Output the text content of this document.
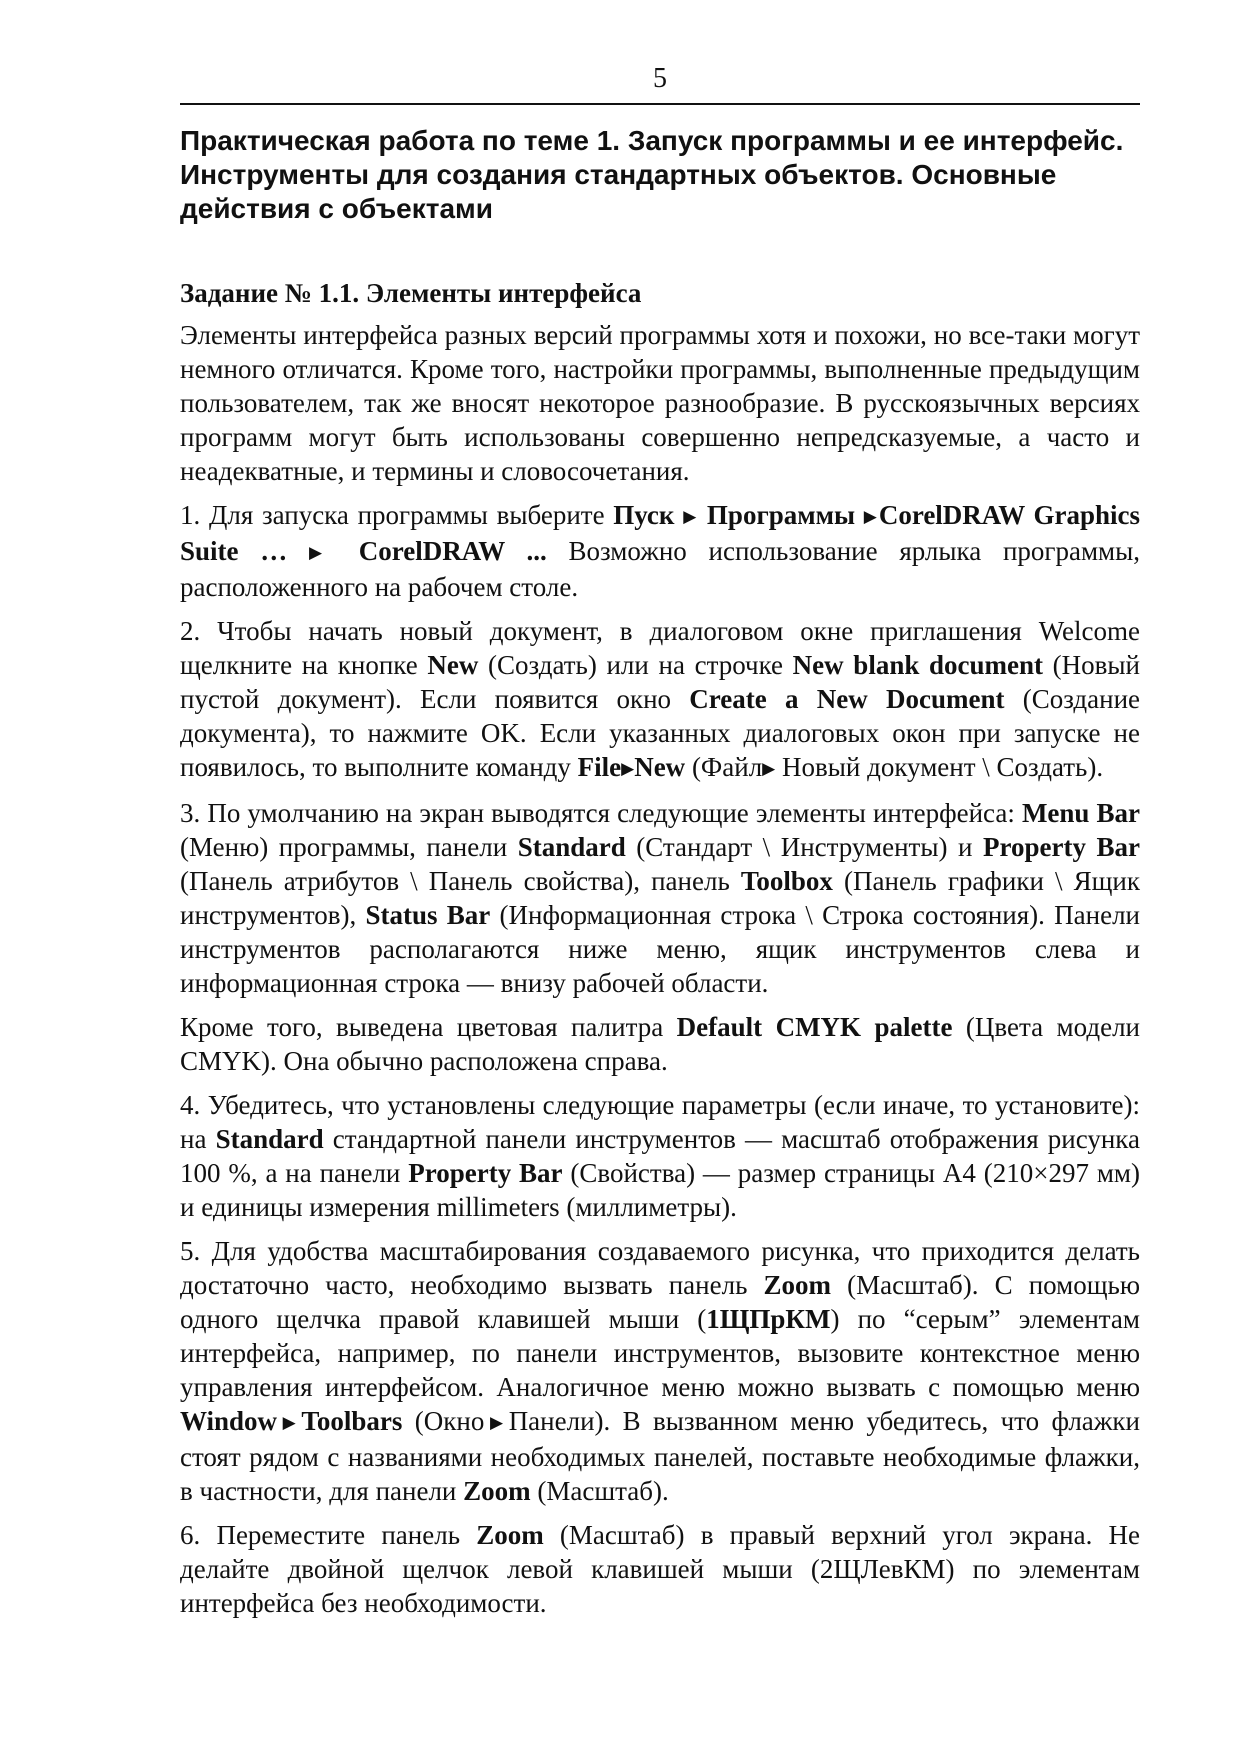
5
Практическая работа по теме 1. Запуск программы и ее интерфейс. Инструменты для создания стандартных объектов. Основные действия с объектами
Задание № 1.1. Элементы интерфейса

Элементы интерфейса разных версий программы хотя и похожи, но все-таки могут немного отличатся. Кроме того, настройки программы, выполненные предыдущим пользователем, так же вносят некоторое разнообразие. В русскоязычных версиях программ могут быть использованы совершенно непредсказуемые, а часто и неадекватные, и термины и словосочетания.

1. Для запуска программы выберите Пуск ▶ Программы ▶CorelDRAW Graphics Suite … ▶ CorelDRAW ... Возможно использование ярлыка программы, расположенного на рабочем столе.

2. Чтобы начать новый документ, в диалоговом окне приглашения Welcome щелкните на кнопке New (Создать) или на строчке New blank document (Новый пустой документ). Если появится окно Create a New Document (Создание документа), то нажмите OK. Если указанных диалоговых окон при запуске не появилось, то выполните команду File▶New (Файл▶ Новый документ \ Создать).

3. По умолчанию на экран выводятся следующие элементы интерфейса: Menu Bar (Меню) программы, панели Standard (Стандарт \ Инструменты) и Property Bar (Панель атрибутов \ Панель свойства), панель Toolbox (Панель графики \ Ящик инструментов), Status Bar (Информационная строка \ Строка состояния). Панели инструментов располагаются ниже меню, ящик инструментов слева и информационная строка — внизу рабочей области.

Кроме того, выведена цветовая палитра Default CMYK palette (Цвета модели CMYK). Она обычно расположена справа.

4. Убедитесь, что установлены следующие параметры (если иначе, то установите): на Standard стандартной панели инструментов — масштаб отображения рисунка 100 %, а на панели Property Bar (Свойства) — размер страницы A4 (210×297 мм) и единицы измерения millimeters (миллиметры).

5. Для удобства масштабирования создаваемого рисунка, что приходится делать достаточно часто, необходимо вызвать панель Zoom (Масштаб). С помощью одного щелчка правой клавишей мыши (1ЩПрКМ) по “серым” элементам интерфейса, например, по панели инструментов, вызовите контекстное меню управления интерфейсом. Аналогичное меню можно вызвать с помощью меню Window▶Toolbars (Окно▶Панели). В вызванном меню убедитесь, что флажки стоят рядом с названиями необходимых панелей, поставьте необходимые флажки, в частности, для панели Zoom (Масштаб).

6. Переместите панель Zoom (Масштаб) в правый верхний угол экрана. Не делайте двойной щелчок левой клавишей мыши (2ЩЛевКМ) по элементам интерфейса без необходимости.
